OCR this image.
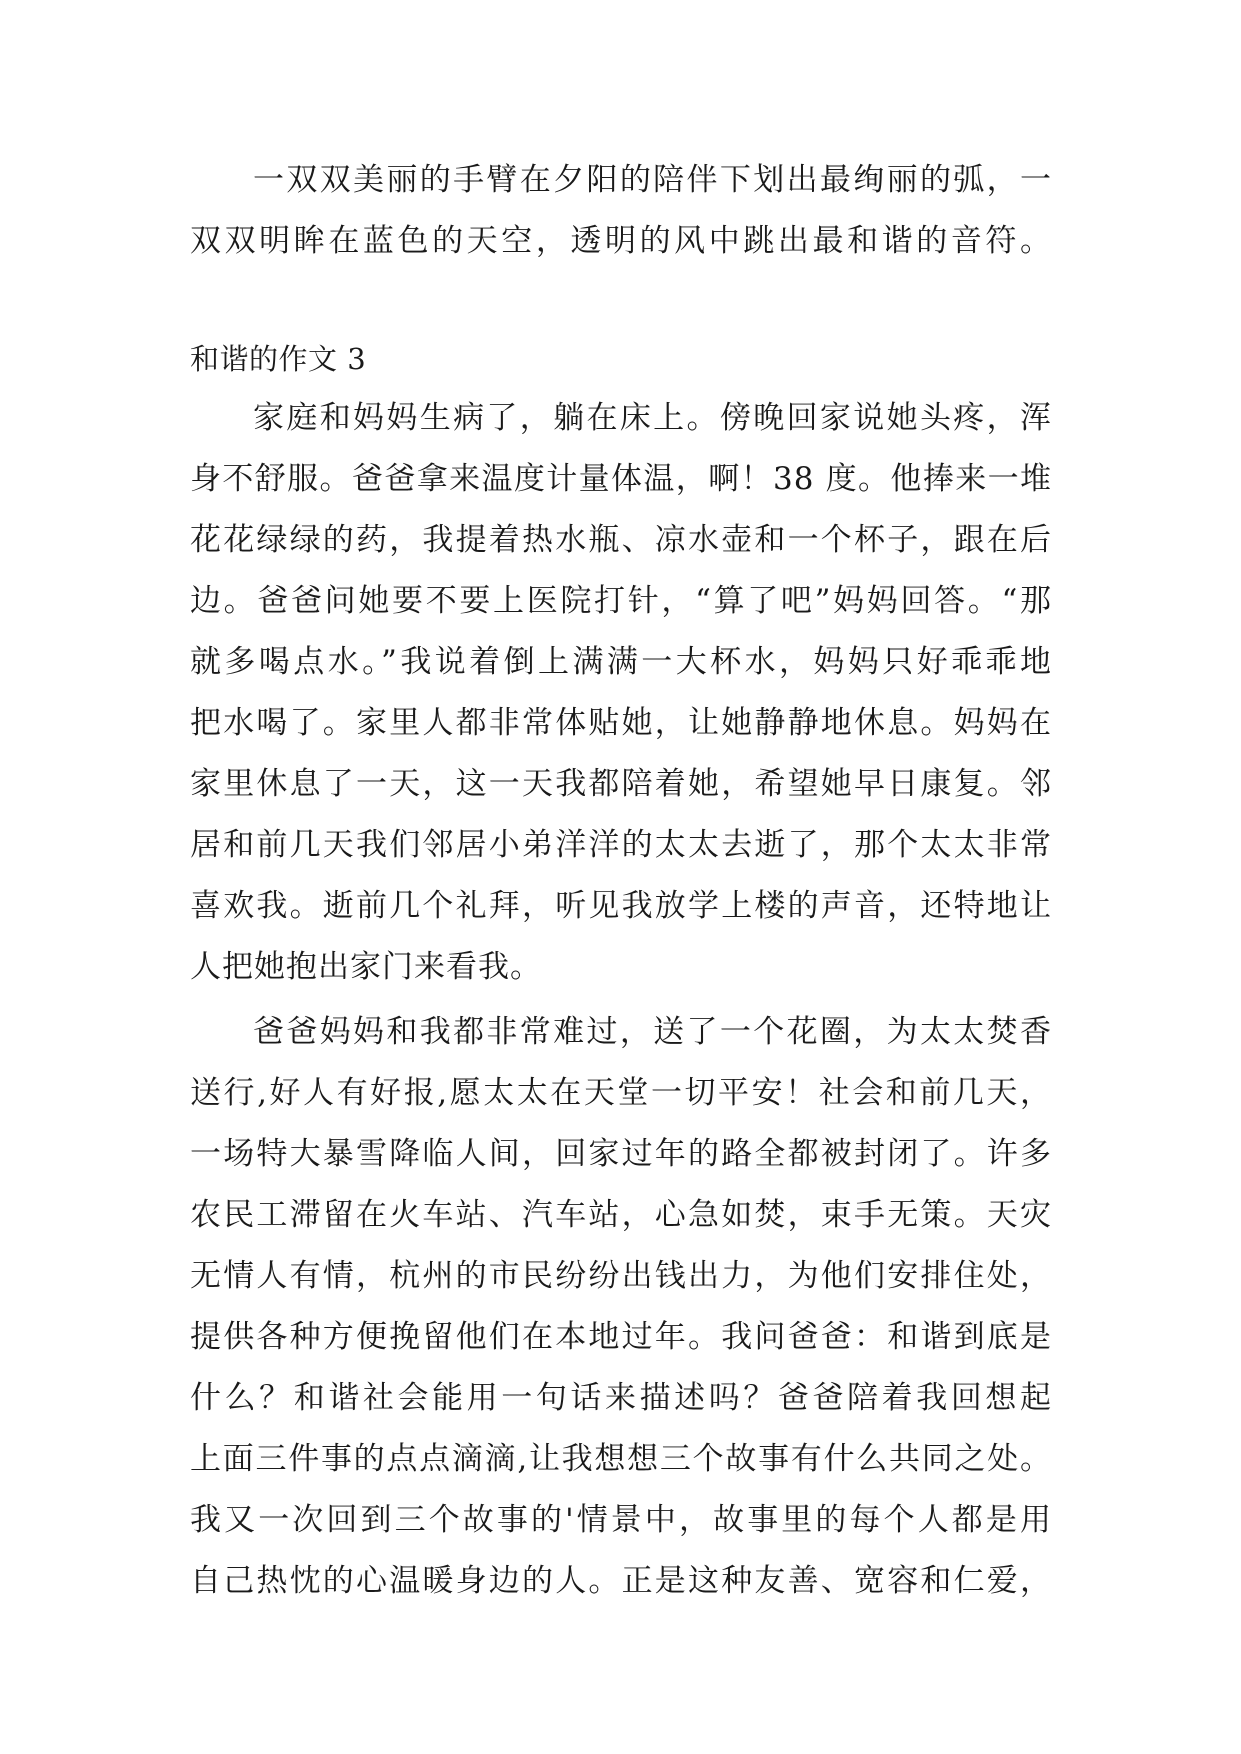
一双双美丽的手臂在夕阳的陪伴下划出最绚丽的弧，一
双双明眸在蓝色的天空，透明的风中跳出最和谐的音符。
和谐的作文 3
家庭和妈妈生病了，躺在床上。傍晚回家说她头疼，浑
身不舒服。爸爸拿来温度计量体温，啊！38 度。他捧来一堆
花花绿绿的药，我提着热水瓶、凉水壶和一个杯子，跟在后
边。爸爸问她要不要上医院打针，“算了吧”妈妈回答。“那
就多喝点水。”我说着倒上满满一大杯水，妈妈只好乖乖地
把水喝了。家里人都非常体贴她，让她静静地休息。妈妈在
家里休息了一天，这一天我都陪着她，希望她早日康复。邻
居和前几天我们邻居小弟洋洋的太太去逝了，那个太太非常
喜欢我。逝前几个礼拜，听见我放学上楼的声音，还特地让
人把她抱出家门来看我。
爸爸妈妈和我都非常难过，送了一个花圈，为太太焚香
送行,好人有好报,愿太太在天堂一切平安！社会和前几天，
一场特大暴雪降临人间，回家过年的路全都被封闭了。许多
农民工滞留在火车站、汽车站，心急如焚，束手无策。天灾
无情人有情，杭州的市民纷纷出钱出力，为他们安排住处，
提供各种方便挽留他们在本地过年。我问爸爸：和谐到底是
什么？和谐社会能用一句话来描述吗？爸爸陪着我回想起
上面三件事的点点滴滴,让我想想三个故事有什么共同之处。
我又一次回到三个故事的'情景中，故事里的每个人都是用
自己热忱的心温暖身边的人。正是这种友善、宽容和仁爱，
